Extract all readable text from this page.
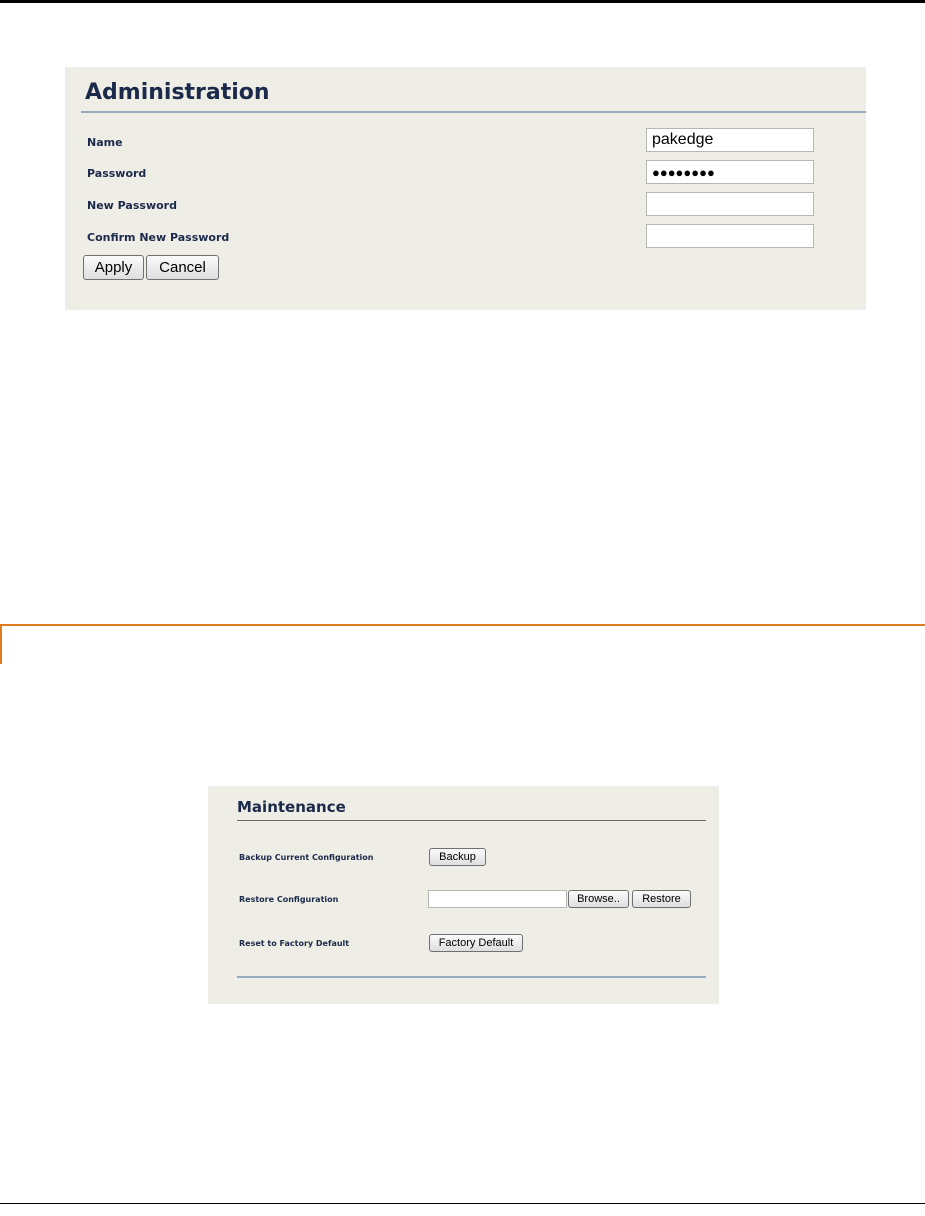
Administration
Name	pakedge
Password	●●●●●●●●
New Password
Confirm New Password
Apply	Cancel
Maintenance
Backup Current Configuration	Backup
Restore Configuration	Browse..	Restore
Reset to Factory Default	Factory Default
